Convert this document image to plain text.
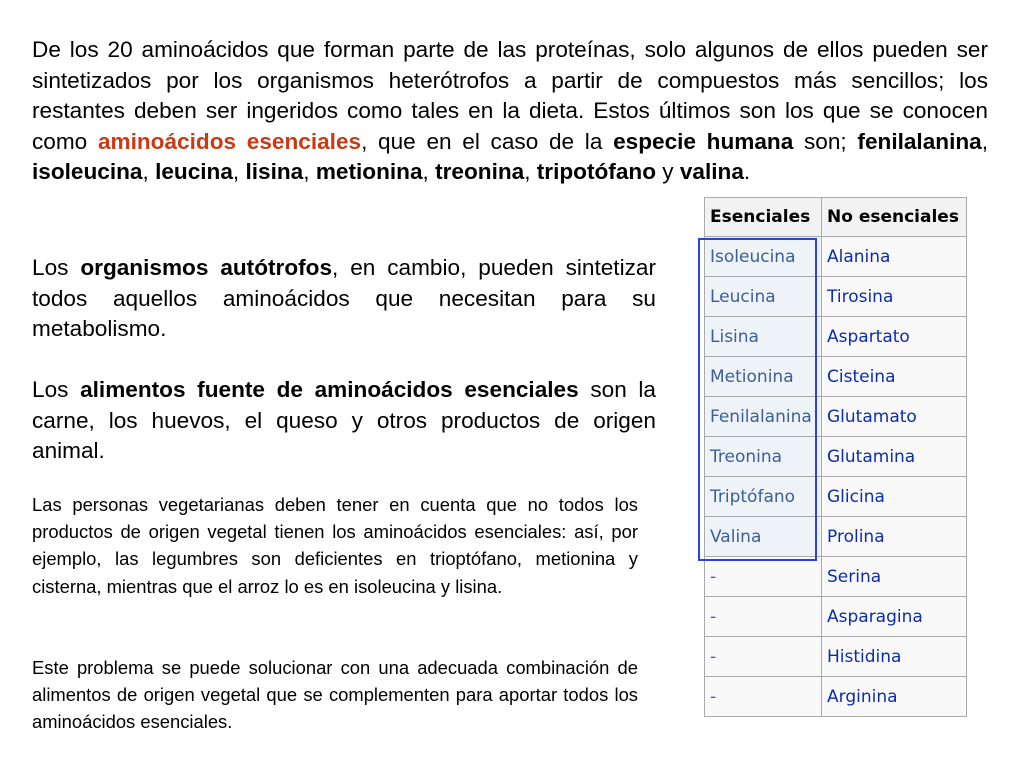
De los 20 aminoácidos que forman parte de las proteínas, solo algunos de ellos pueden ser sintetizados por los organismos heterótrofos a partir de compuestos más sencillos; los restantes deben ser ingeridos como tales en la dieta. Estos últimos son los que se conocen como aminoácidos esenciales, que en el caso de la especie humana son; fenilalanina, isoleucina, leucina, lisina, metionina, treonina, tripotófano y valina.

Los organismos autótrofos, en cambio, pueden sintetizar todos aquellos aminoácidos que necesitan para su metabolismo.

Los alimentos fuente de aminoácidos esenciales son la carne, los huevos, el queso y otros productos de origen animal.

Las personas vegetarianas deben tener en cuenta que no todos los productos de origen vegetal tienen los aminoácidos esenciales: así, por ejemplo, las legumbres son deficientes en trioptófano, metionina y cisterna, mientras que el arroz lo es en isoleucina y lisina.

Este problema se puede solucionar con una adecuada combinación de alimentos de origen vegetal que se complementen para aportar todos los aminoácidos esenciales.

Esenciales	No esenciales
Isoleucina	Alanina
Leucina	Tirosina
Lisina	Aspartato
Metionina	Cisteina
Fenilalanina	Glutamato
Treonina	Glutamina
Triptófano	Glicina
Valina	Prolina
-	Serina
-	Asparagina
-	Histidina
-	Arginina
